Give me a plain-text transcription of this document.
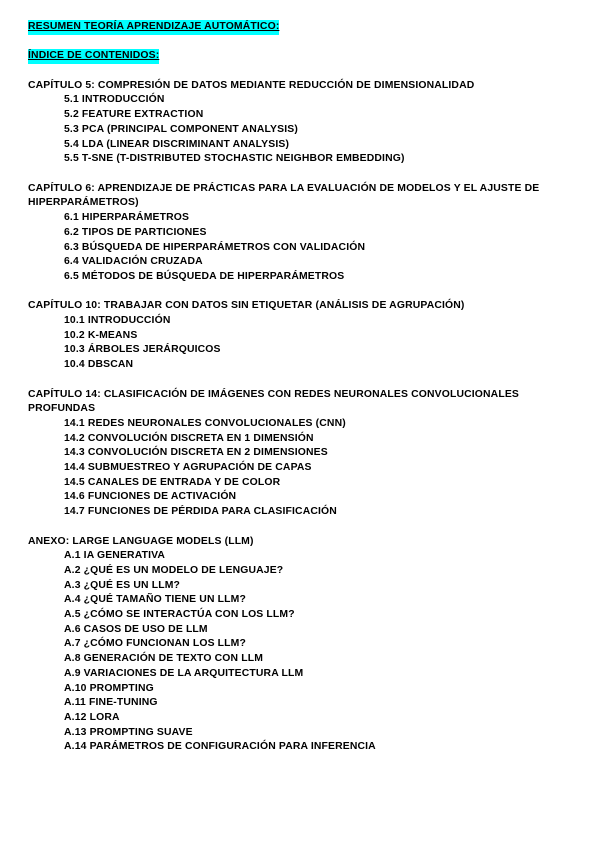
RESUMEN TEORÍA APRENDIZAJE AUTOMÁTICO:
ÍNDICE DE CONTENIDOS:
CAPÍTULO 5: COMPRESIÓN DE DATOS MEDIANTE REDUCCIÓN DE DIMENSIONALIDAD
5.1 INTRODUCCIÓN
5.2 FEATURE EXTRACTION
5.3 PCA (PRINCIPAL COMPONENT ANALYSIS)
5.4 LDA (LINEAR DISCRIMINANT ANALYSIS)
5.5 T-SNE (T-DISTRIBUTED STOCHASTIC NEIGHBOR EMBEDDING)
CAPÍTULO 6: APRENDIZAJE DE PRÁCTICAS PARA LA EVALUACIÓN DE MODELOS Y EL AJUSTE DE HIPERPARÁMETROS)
6.1 HIPERPARÁMETROS
6.2 TIPOS DE PARTICIONES
6.3 BÚSQUEDA DE HIPERPARÁMETROS CON VALIDACIÓN
6.4 VALIDACIÓN CRUZADA
6.5 MÉTODOS DE BÚSQUEDA DE HIPERPARÁMETROS
CAPÍTULO 10: TRABAJAR CON DATOS SIN ETIQUETAR (ANÁLISIS DE AGRUPACIÓN)
10.1 INTRODUCCIÓN
10.2 K-MEANS
10.3 ÁRBOLES JERÁRQUICOS
10.4 DBSCAN
CAPÍTULO 14: CLASIFICACIÓN DE IMÁGENES CON REDES NEURONALES CONVOLUCIONALES PROFUNDAS
14.1 REDES NEURONALES CONVOLUCIONALES (CNN)
14.2 CONVOLUCIÓN DISCRETA EN 1 DIMENSIÓN
14.3 CONVOLUCIÓN DISCRETA EN 2 DIMENSIONES
14.4 SUBMUESTREO Y AGRUPACIÓN DE CAPAS
14.5 CANALES DE ENTRADA Y DE COLOR
14.6 FUNCIONES DE ACTIVACIÓN
14.7 FUNCIONES DE PÉRDIDA PARA CLASIFICACIÓN
ANEXO: LARGE LANGUAGE MODELS (LLM)
A.1 IA GENERATIVA
A.2 ¿QUÉ ES UN MODELO DE LENGUAJE?
A.3 ¿QUÉ ES UN LLM?
A.4 ¿QUÉ TAMAÑO TIENE UN LLM?
A.5 ¿CÓMO SE INTERACTÚA CON LOS LLM?
A.6 CASOS DE USO DE LLM
A.7 ¿CÓMO FUNCIONAN LOS LLM?
A.8 GENERACIÓN DE TEXTO CON LLM
A.9 VARIACIONES DE LA ARQUITECTURA LLM
A.10 PROMPTING
A.11 FINE-TUNING
A.12 LORA
A.13 PROMPTING SUAVE
A.14 PARÁMETROS DE CONFIGURACIÓN PARA INFERENCIA
